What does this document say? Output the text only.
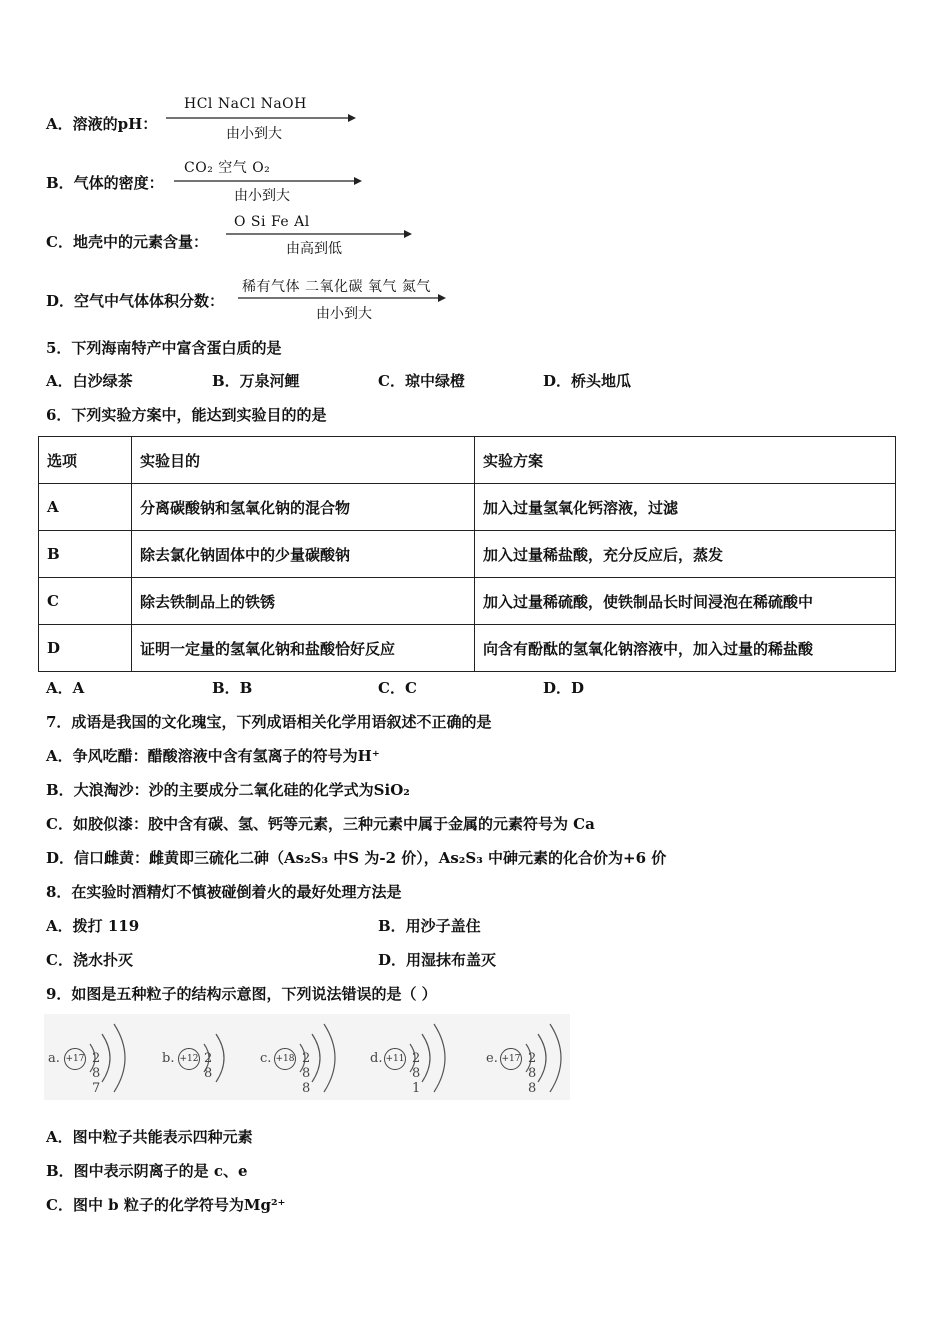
A．溶液的pH：
HCl NaCl NaOH
由小到大
B．气体的密度：
CO₂ 空气 O₂
由小到大
C．地壳中的元素含量：
O Si Fe Al
由高到低
D．空气中气体体积分数：
稀有气体 二氧化碳 氧气 氮气
由小到大
5．下列海南特产中富含蛋白质的是
A．白沙绿茶	B．万泉河鲤	C．琼中绿橙	D．桥头地瓜
6．下列实验方案中，能达到实验目的的是
选项	实验目的	实验方案
A	分离碳酸钠和氢氧化钠的混合物	加入过量氢氧化钙溶液，过滤
B	除去氯化钠固体中的少量碳酸钠	加入过量稀盐酸，充分反应后，蒸发
C	除去铁制品上的铁锈	加入过量稀硫酸，使铁制品长时间浸泡在稀硫酸中
D	证明一定量的氢氧化钠和盐酸恰好反应	向含有酚酞的氢氧化钠溶液中，加入过量的稀盐酸
A．A	B．B	C．C	D．D
7．成语是我国的文化瑰宝，下列成语相关化学用语叙述不正确的是
A．争风吃醋：醋酸溶液中含有氢离子的符号为H⁺
B．大浪淘沙：沙的主要成分二氧化硅的化学式为SiO₂
C．如胶似漆：胶中含有碳、氢、钙等元素，三种元素中属于金属的元素符号为 Ca
D．信口雌黄：雌黄即三硫化二砷（As₂S₃ 中S 为-2 价），As₂S₃ 中砷元素的化合价为+6 价
8．在实验时酒精灯不慎被碰倒着火的最好处理方法是
A．拨打 119	B．用沙子盖住
C．浇水扑灭	D．用湿抹布盖灭
9．如图是五种粒子的结构示意图，下列说法错误的是（ ）
a. +17 2 8 7
b. +12 2 8
c. +18 2 8 8
d. +11 2 8 1
e. +17 2 8 8
A．图中粒子共能表示四种元素
B．图中表示阴离子的是 c、e
C．图中 b 粒子的化学符号为Mg²⁺
